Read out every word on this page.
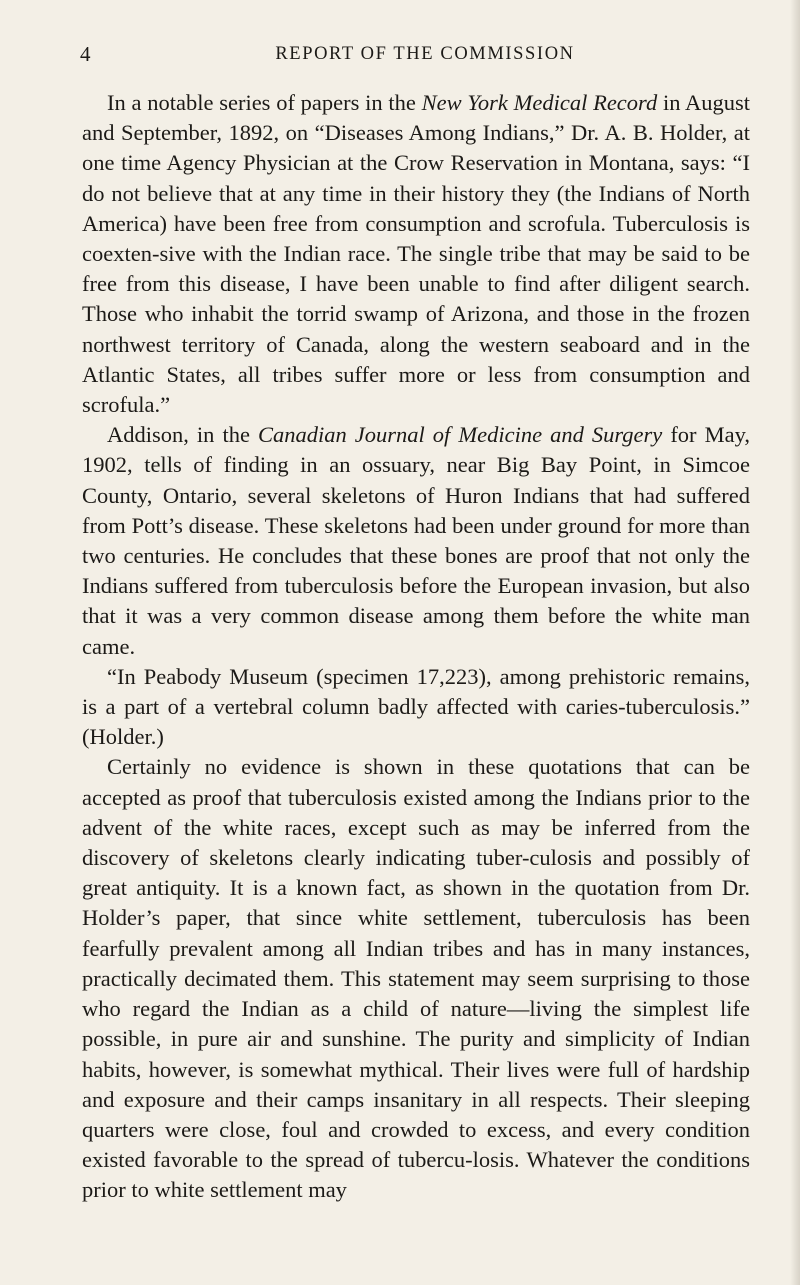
4	REPORT OF THE COMMISSION

In a notable series of papers in the New York Medical Record in August and September, 1892, on “Diseases Among Indians,” Dr. A. B. Holder, at one time Agency Physician at the Crow Reservation in Montana, says: “I do not believe that at any time in their history they (the Indians of North America) have been free from consumption and scrofula. Tuberculosis is coexten-sive with the Indian race. The single tribe that may be said to be free from this disease, I have been unable to find after diligent search. Those who inhabit the torrid swamp of Arizona, and those in the frozen northwest territory of Canada, along the western seaboard and in the Atlantic States, all tribes suffer more or less from consumption and scrofula.”

Addison, in the Canadian Journal of Medicine and Surgery for May, 1902, tells of finding in an ossuary, near Big Bay Point, in Simcoe County, Ontario, several skeletons of Huron Indians that had suffered from Pott’s disease. These skeletons had been under ground for more than two centuries. He concludes that these bones are proof that not only the Indians suffered from tuberculosis before the European invasion, but also that it was a very common disease among them before the white man came.

“In Peabody Museum (specimen 17,223), among prehistoric remains, is a part of a vertebral column badly affected with caries-tuberculosis.” (Holder.)

Certainly no evidence is shown in these quotations that can be accepted as proof that tuberculosis existed among the Indians prior to the advent of the white races, except such as may be inferred from the discovery of skeletons clearly indicating tuber-culosis and possibly of great antiquity. It is a known fact, as shown in the quotation from Dr. Holder’s paper, that since white settlement, tuberculosis has been fearfully prevalent among all Indian tribes and has in many instances, practically decimated them. This statement may seem surprising to those who regard the Indian as a child of nature—living the simplest life possible, in pure air and sunshine. The purity and simplicity of Indian habits, however, is somewhat mythical. Their lives were full of hardship and exposure and their camps insanitary in all respects. Their sleeping quarters were close, foul and crowded to excess, and every condition existed favorable to the spread of tubercu-losis. Whatever the conditions prior to white settlement may
